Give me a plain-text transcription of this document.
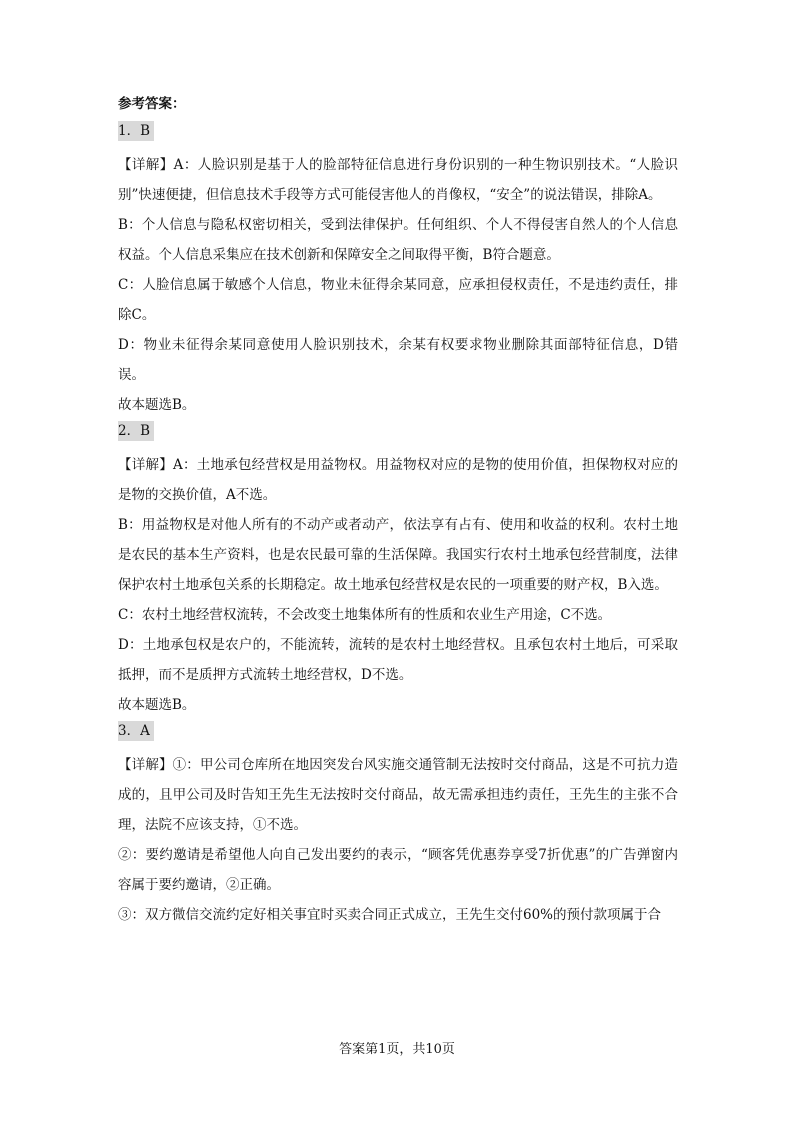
参考答案：
1．B

【详解】A：人脸识别是基于人的脸部特征信息进行身份识别的一种生物识别技术。“人脸识别”快速便捷，但信息技术手段等方式可能侵害他人的肖像权，“安全”的说法错误，排除A。

B：个人信息与隐私权密切相关，受到法律保护。任何组织、个人不得侵害自然人的个人信息权益。个人信息采集应在技术创新和保障安全之间取得平衡，B符合题意。

C：人脸信息属于敏感个人信息，物业未征得余某同意，应承担侵权责任，不是违约责任，排除C。

D：物业未征得余某同意使用人脸识别技术，余某有权要求物业删除其面部特征信息，D错误。

故本题选B。

2．B

【详解】A：土地承包经营权是用益物权。用益物权对应的是物的使用价值，担保物权对应的是物的交换价值，A不选。

B：用益物权是对他人所有的不动产或者动产，依法享有占有、使用和收益的权利。农村土地是农民的基本生产资料，也是农民最可靠的生活保障。我国实行农村土地承包经营制度，法律保护农村土地承包关系的长期稳定。故土地承包经营权是农民的一项重要的财产权，B入选。

C：农村土地经营权流转，不会改变土地集体所有的性质和农业生产用途，C不选。

D：土地承包权是农户的，不能流转，流转的是农村土地经营权。且承包农村土地后，可采取抵押，而不是质押方式流转土地经营权，D不选。

故本题选B。

3．A

【详解】①：甲公司仓库所在地因突发台风实施交通管制无法按时交付商品，这是不可抗力造成的，且甲公司及时告知王先生无法按时交付商品，故无需承担违约责任，王先生的主张不合理，法院不应该支持，①不选。

②：要约邀请是希望他人向自己发出要约的表示，“顾客凭优惠券享受7折优惠”的广告弹窗内容属于要约邀请，②正确。

③：双方微信交流约定好相关事宜时买卖合同正式成立，王先生交付60%的预付款项属于合

答案第1页，共10页
